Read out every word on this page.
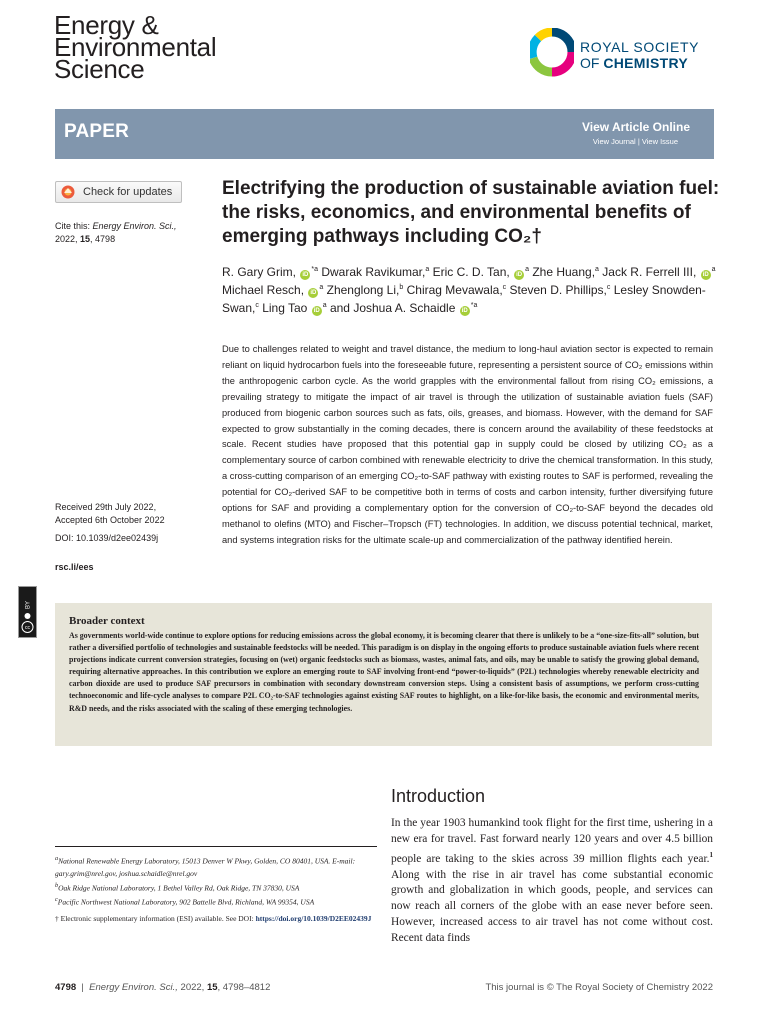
Energy &
Environmental
Science
ROYAL SOCIETY
OF CHEMISTRY
PAPER	View Article Online
View Journal | View Issue
Check for updates
Cite this: Energy Environ. Sci.,
2022, 15, 4798
Electrifying the production of sustainable aviation fuel: the risks, economics, and environmental benefits of emerging pathways including CO₂†
R. Gary Grim, $iD^{*a}$ Dwarak Ravikumar,$^a$ Eric C. D. Tan, $iD^a$ Zhe Huang,$^a$ Jack R. Ferrell III, $iD^a$ Michael Resch, $iD^a$ Zhenglong Li,$^b$ Chirag Mevawala,$^c$ Steven D. Phillips,$^c$ Lesley Snowden-Swan,$^c$ Ling Tao $iD^a$ and Joshua A. Schaidle $iD^{*a}$
Due to challenges related to weight and travel distance, the medium to long-haul aviation sector is expected to remain reliant on liquid hydrocarbon fuels into the foreseeable future, representing a persistent source of CO₂ emissions within the anthropogenic carbon cycle. As the world grapples with the environmental fallout from rising CO₂ emissions, a prevailing strategy to mitigate the impact of air travel is through the utilization of sustainable aviation fuels (SAF) produced from biogenic carbon sources such as fats, oils, greases, and biomass. However, with the demand for SAF expected to grow substantially in the coming decades, there is concern around the availability of these feedstocks at scale. Recent studies have proposed that this potential gap in supply could be closed by utilizing CO₂ as a complementary source of carbon combined with renewable electricity to drive the chemical transformation. In this study, a cross-cutting comparison of an emerging CO₂-to-SAF pathway with existing routes to SAF is performed, revealing the potential for CO₂-derived SAF to be competitive both in terms of costs and carbon intensity, further diversifying future options for SAF and providing a complementary option for the conversion of CO₂-to-SAF beyond the decades old methanol to olefins (MTO) and Fischer–Tropsch (FT) technologies. In addition, we discuss potential technical, market, and systems integration risks for the ultimate scale-up and commercialization of the pathway identified herein.
Received 29th July 2022,
Accepted 6th October 2022
DOI: 10.1039/d2ee02439j
rsc.li/ees
cc
BY
Broader context
As governments world-wide continue to explore options for reducing emissions across the global economy, it is becoming clearer that there is unlikely to be a “one-size-fits-all” solution, but rather a diversified portfolio of technologies and sustainable feedstocks will be needed. This paradigm is on display in the ongoing efforts to produce sustainable aviation fuels where recent projections indicate current conversion strategies, focusing on (wet) organic feedstocks such as biomass, wastes, animal fats, and oils, may be unable to satisfy the growing global demand, requiring alternative approaches. In this contribution we explore an emerging route to SAF involving front-end “power-to-liquids” (P2L) technologies whereby renewable electricity and carbon dioxide are used to produce SAF precursors in combination with secondary downstream conversion steps. Using a consistent basis of assumptions, we perform cross-cutting technoeconomic and life-cycle analyses to compare P2L CO₂-to-SAF technologies against existing SAF routes to highlight, on a like-for-like basis, the economic and environmental merits, R&D needs, and the risks associated with the scaling of these emerging technologies.
Introduction
In the year 1903 humankind took flight for the first time, ushering in a new era for travel. Fast forward nearly 120 years and over 4.5 billion people are taking to the skies across 39 million flights each year.$^1$ Along with the rise in air travel has come substantial economic growth and globalization in which goods, people, and services can now reach all corners of the globe with an ease never before seen. However, increased access to air travel has not come without cost. Recent data finds
$^a$National Renewable Energy Laboratory, 15013 Denver W Pkwy, Golden, CO 80401, USA. E-mail: gary.grim@nrel.gov, joshua.schaidle@nrel.gov
$^b$Oak Ridge National Laboratory, 1 Bethel Valley Rd, Oak Ridge, TN 37830, USA
$^c$Pacific Northwest National Laboratory, 902 Battelle Blvd, Richland, WA 99354, USA
† Electronic supplementary information (ESI) available. See DOI: https://doi.org/10.1039/D2EE02439J
4798 | Energy Environ. Sci., 2022, 15, 4798–4812	This journal is © The Royal Society of Chemistry 2022
